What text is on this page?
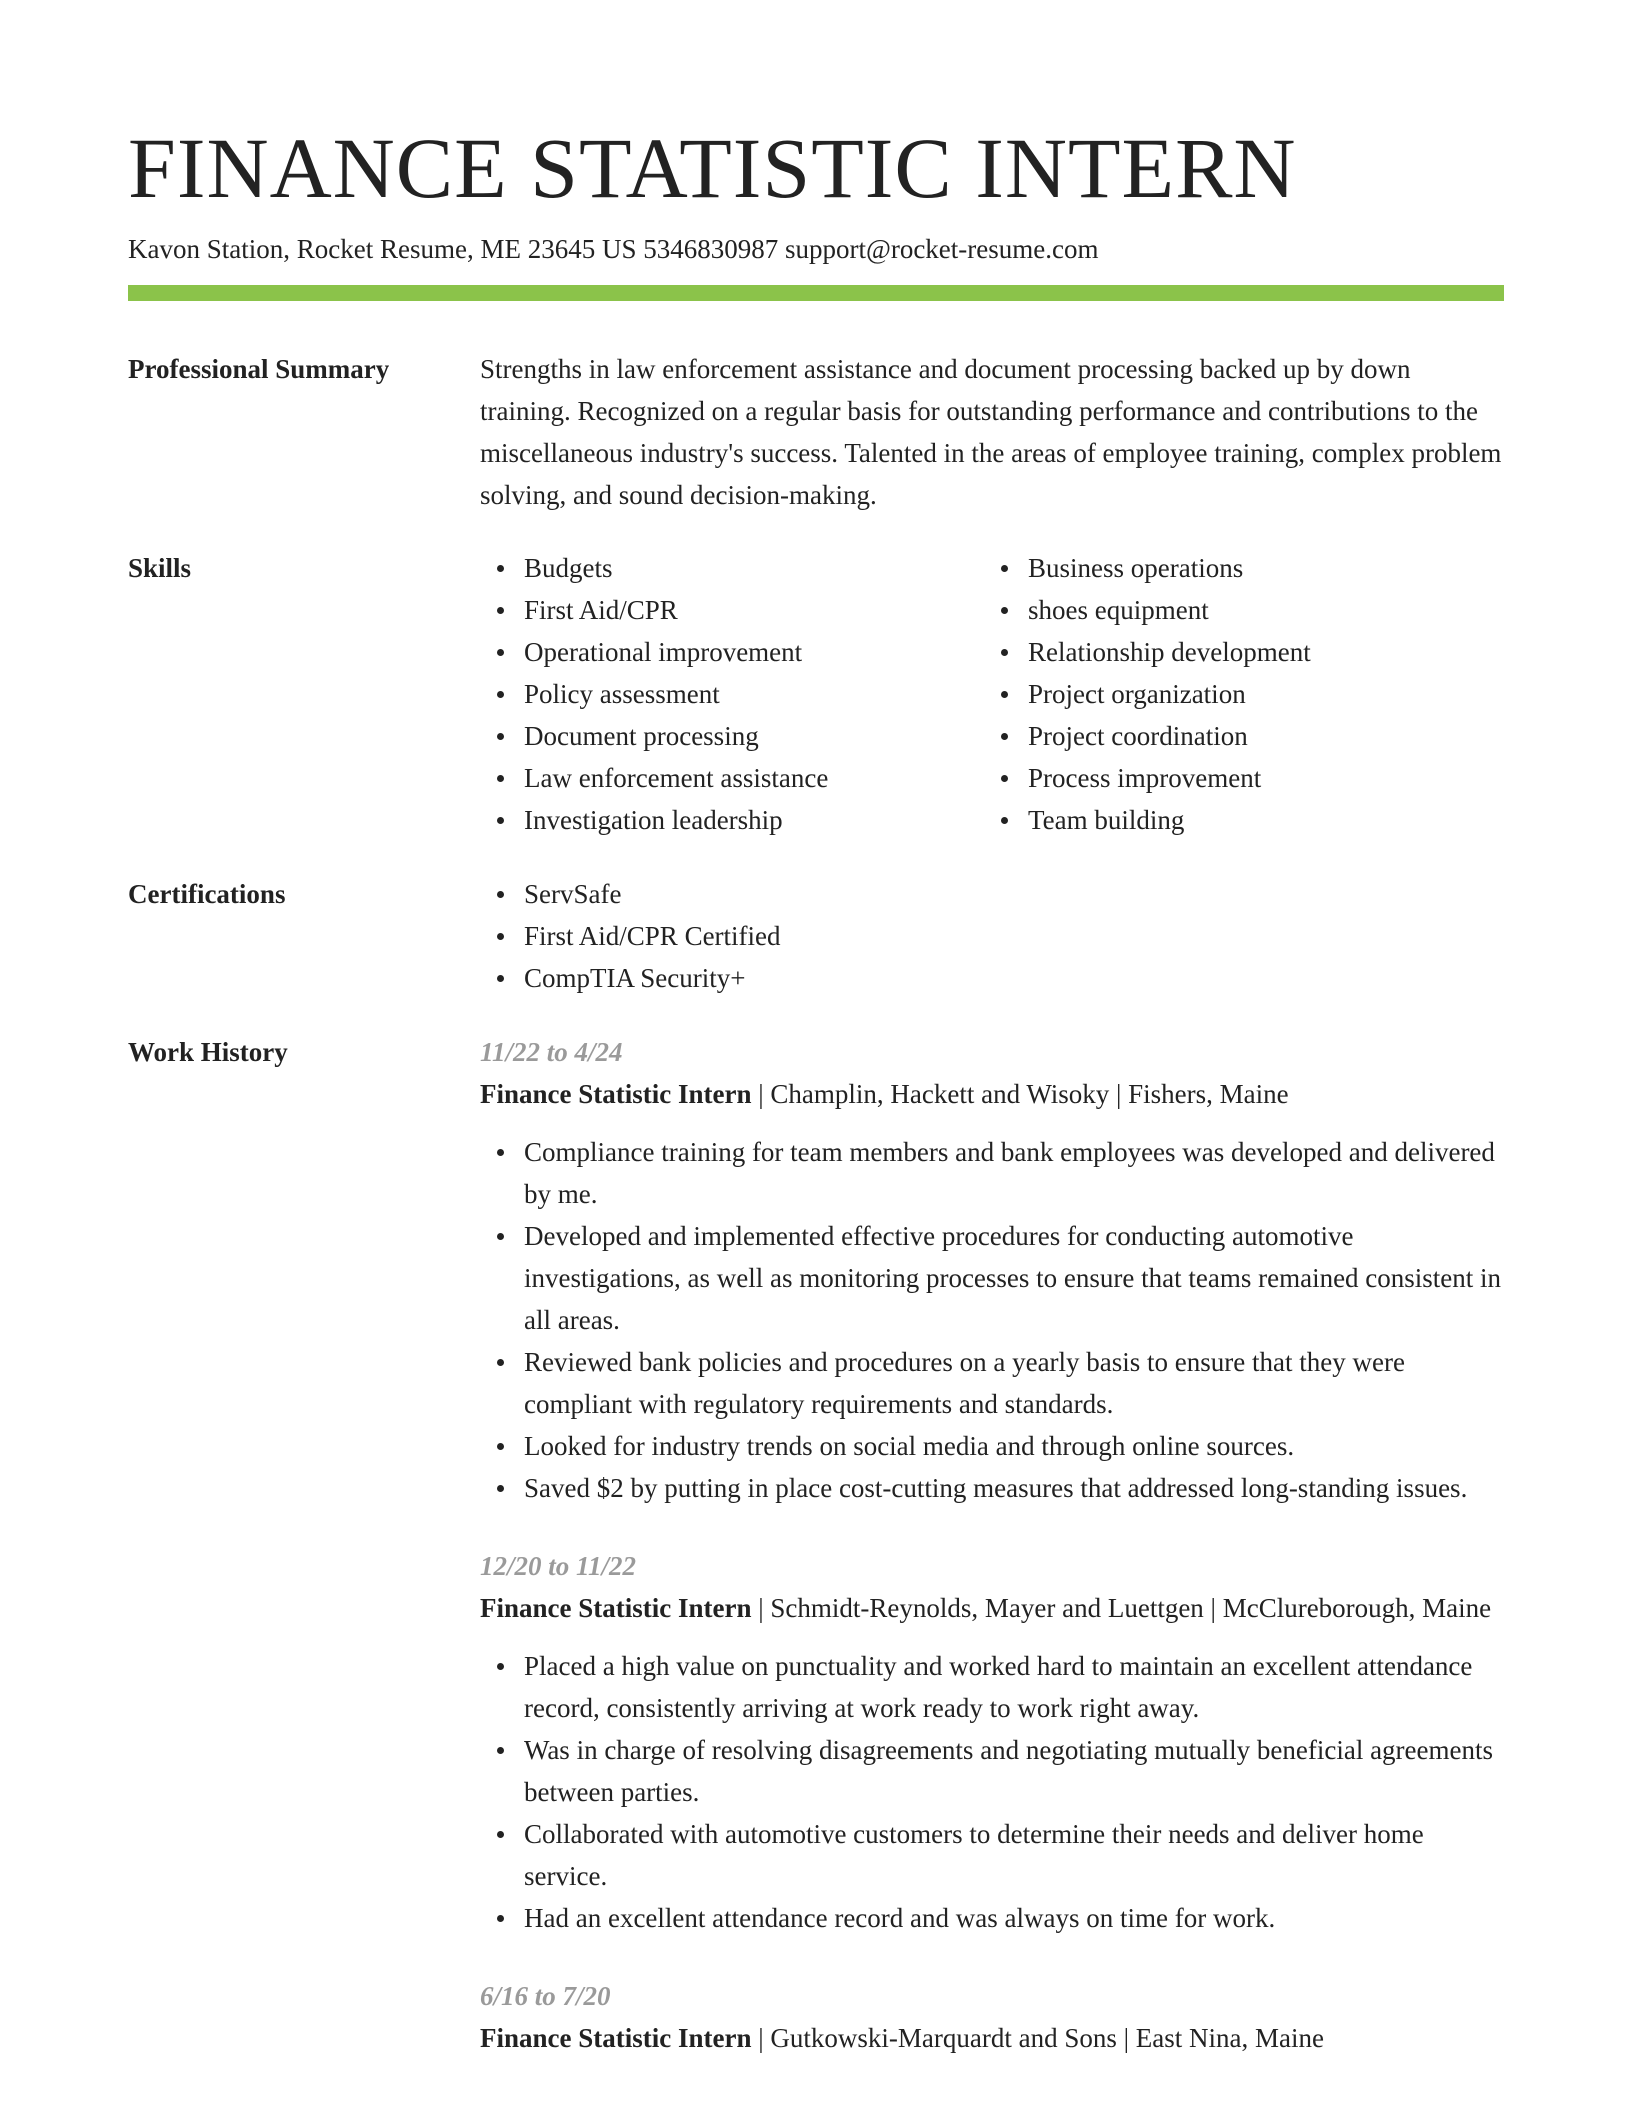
FINANCE STATISTIC INTERN
Kavon Station, Rocket Resume, ME 23645 US 5346830987 support@rocket-resume.com
Professional Summary	Strengths in law enforcement assistance and document processing backed up by down training. Recognized on a regular basis for outstanding performance and contributions to the miscellaneous industry's success. Talented in the areas of employee training, complex problem solving, and sound decision-making.

Skills	Budgets
First Aid/CPR
Operational improvement
Policy assessment
Document processing
Law enforcement assistance
Investigation leadership
Business operations
shoes equipment
Relationship development
Project organization
Project coordination
Process improvement
Team building
Certifications	ServSafe
First Aid/CPR Certified
CompTIA Security+
Work History	11/22 to 4/24
Finance Statistic Intern | Champlin, Hackett and Wisoky | Fishers, Maine
Compliance training for team members and bank employees was developed and delivered by me.
Developed and implemented effective procedures for conducting automotive investigations, as well as monitoring processes to ensure that teams remained consistent in all areas.
Reviewed bank policies and procedures on a yearly basis to ensure that they were compliant with regulatory requirements and standards.
Looked for industry trends on social media and through online sources.
Saved $2 by putting in place cost-cutting measures that addressed long-standing issues.
12/20 to 11/22
Finance Statistic Intern | Schmidt-Reynolds, Mayer and Luettgen | McClureborough, Maine
Placed a high value on punctuality and worked hard to maintain an excellent attendance record, consistently arriving at work ready to work right away.
Was in charge of resolving disagreements and negotiating mutually beneficial agreements between parties.
Collaborated with automotive customers to determine their needs and deliver home service.
Had an excellent attendance record and was always on time for work.
6/16 to 7/20
Finance Statistic Intern | Gutkowski-Marquardt and Sons | East Nina, Maine
